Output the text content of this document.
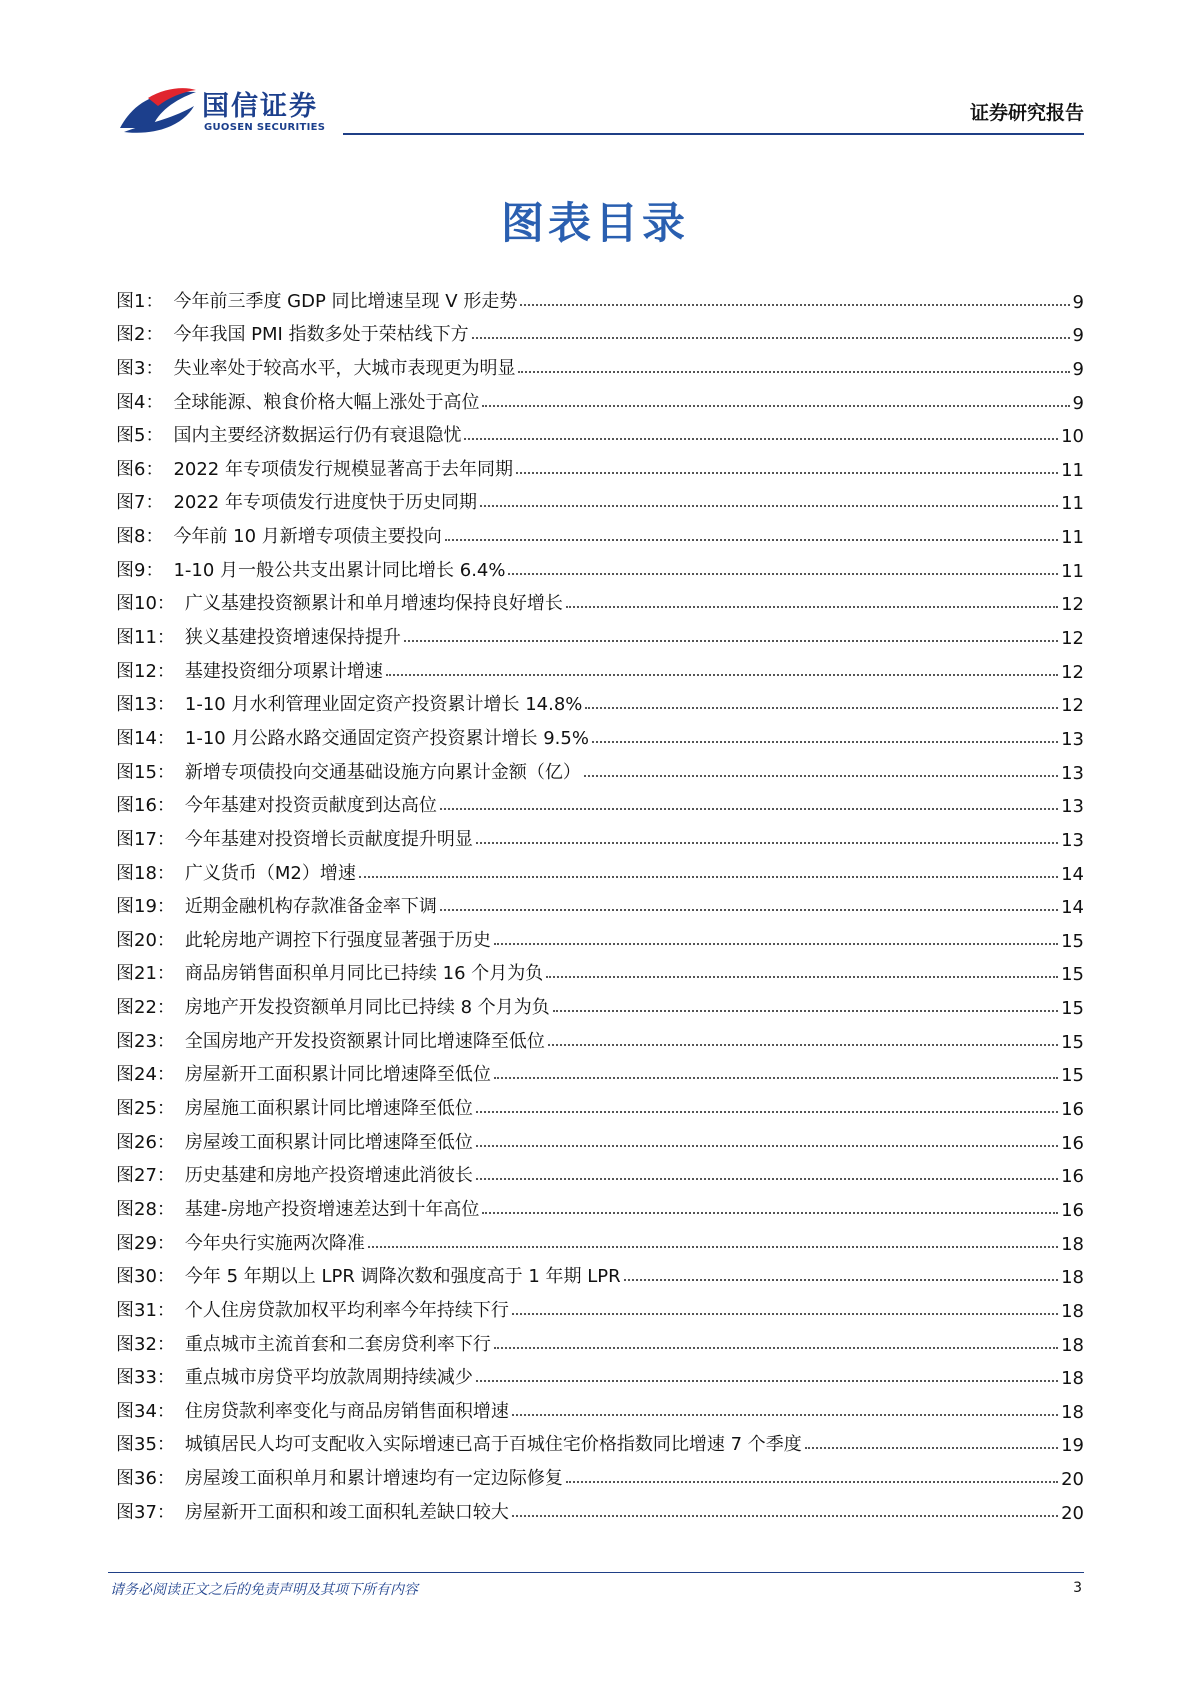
国信证券
GUOSEN SECURITIES
证券研究报告
图表目录
图1： 今年前三季度 GDP 同比增速呈现 V 形走势	9
图2： 今年我国 PMI 指数多处于荣枯线下方	9
图3： 失业率处于较高水平，大城市表现更为明显	9
图4： 全球能源、粮食价格大幅上涨处于高位	9
图5： 国内主要经济数据运行仍有衰退隐忧	10
图6： 2022 年专项债发行规模显著高于去年同期	11
图7： 2022 年专项债发行进度快于历史同期	11
图8： 今年前 10 月新增专项债主要投向	11
图9： 1-10 月一般公共支出累计同比增长 6.4%	11
图10： 广义基建投资额累计和单月增速均保持良好增长	12
图11： 狭义基建投资增速保持提升	12
图12： 基建投资细分项累计增速	12
图13： 1-10 月水利管理业固定资产投资累计增长 14.8%	12
图14： 1-10 月公路水路交通固定资产投资累计增长 9.5%	13
图15： 新增专项债投向交通基础设施方向累计金额（亿）	13
图16： 今年基建对投资贡献度到达高位	13
图17： 今年基建对投资增长贡献度提升明显	13
图18： 广义货币（M2）增速	14
图19： 近期金融机构存款准备金率下调	14
图20： 此轮房地产调控下行强度显著强于历史	15
图21： 商品房销售面积单月同比已持续 16 个月为负	15
图22： 房地产开发投资额单月同比已持续 8 个月为负	15
图23： 全国房地产开发投资额累计同比增速降至低位	15
图24： 房屋新开工面积累计同比增速降至低位	15
图25： 房屋施工面积累计同比增速降至低位	16
图26： 房屋竣工面积累计同比增速降至低位	16
图27： 历史基建和房地产投资增速此消彼长	16
图28： 基建-房地产投资增速差达到十年高位	16
图29： 今年央行实施两次降准	18
图30： 今年 5 年期以上 LPR 调降次数和强度高于 1 年期 LPR	18
图31： 个人住房贷款加权平均利率今年持续下行	18
图32： 重点城市主流首套和二套房贷利率下行	18
图33： 重点城市房贷平均放款周期持续减少	18
图34： 住房贷款利率变化与商品房销售面积增速	18
图35： 城镇居民人均可支配收入实际增速已高于百城住宅价格指数同比增速 7 个季度	19
图36： 房屋竣工面积单月和累计增速均有一定边际修复	20
图37： 房屋新开工面积和竣工面积轧差缺口较大	20
请务必阅读正文之后的免责声明及其项下所有内容	3
